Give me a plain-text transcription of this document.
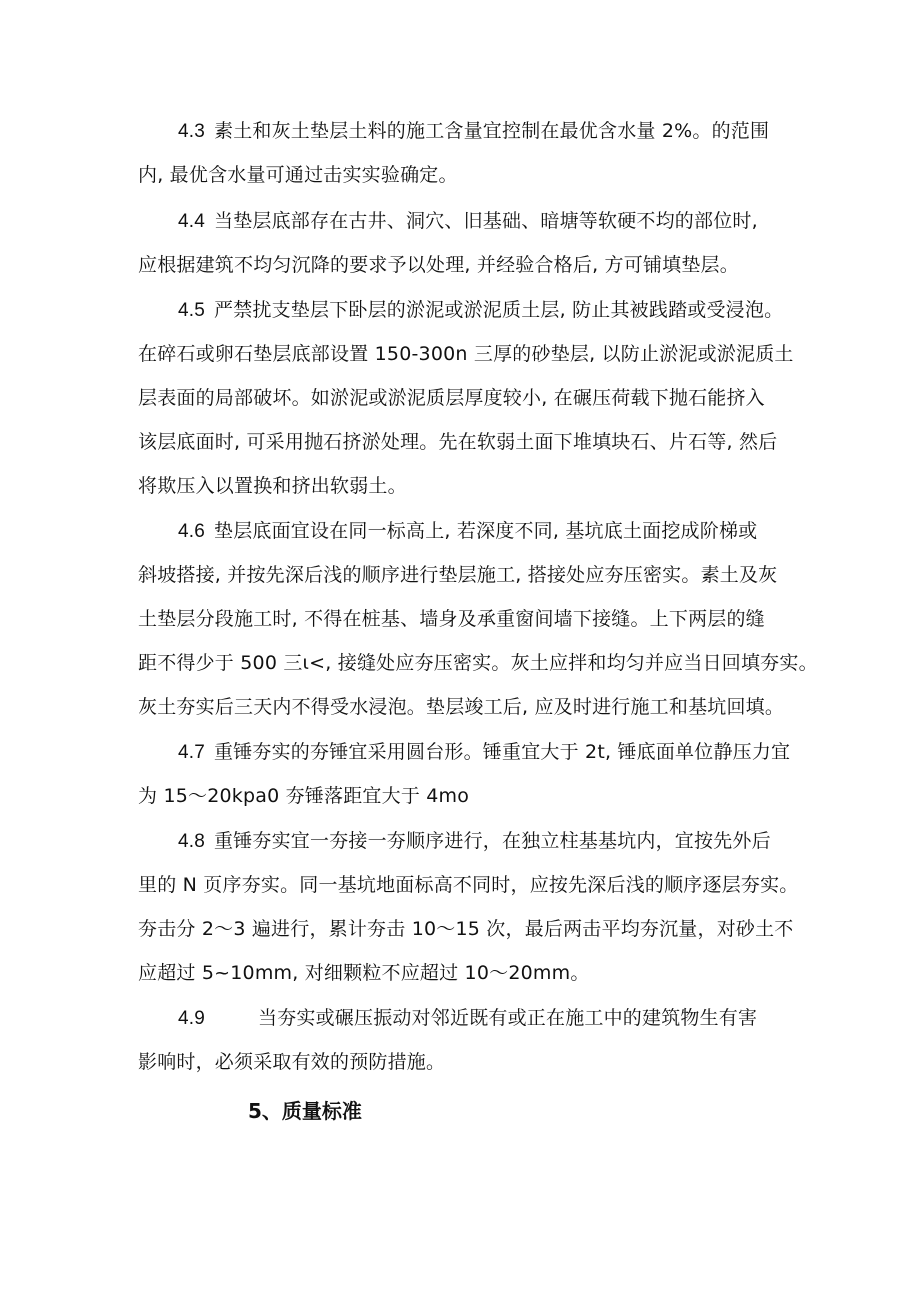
4.3 素土和灰土垫层土料的施工含量宜控制在最优含水量 2%。的范围
内, 最优含水量可通过击实实验确定。
4.4 当垫层底部存在古井、洞穴、旧基础、暗塘等软硬不均的部位时,
应根据建筑不均匀沉降的要求予以处理, 并经验合格后, 方可铺填垫层。
4.5 严禁扰支垫层下卧层的淤泥或淤泥质土层, 防止其被践踏或受浸泡。
在碎石或卵石垫层底部设置 150-300n 三厚的砂垫层, 以防止淤泥或淤泥质土
层表面的局部破坏。如淤泥或淤泥质层厚度较小, 在碾压荷载下抛石能挤入
该层底面时, 可采用抛石挤淤处理。先在软弱土面下堆填块石、片石等, 然后
将欺压入以置换和挤出软弱土。
4.6 垫层底面宜设在同一标高上, 若深度不同, 基坑底土面挖成阶梯或
斜坡搭接, 并按先深后浅的顺序进行垫层施工, 搭接处应夯压密实。素土及灰
土垫层分段施工时, 不得在桩基、墙身及承重窗间墙下接缝。上下两层的缝
距不得少于 500 三ι<, 接缝处应夯压密实。灰土应拌和均匀并应当日回填夯实。
灰土夯实后三天内不得受水浸泡。垫层竣工后, 应及时进行施工和基坑回填。
4.7 重锤夯实的夯锤宜采用圆台形。锤重宜大于 2t, 锤底面单位静压力宜
为 15～20kpa0 夯锤落距宜大于 4mo
4.8 重锤夯实宜一夯接一夯顺序进行，在独立柱基基坑内，宜按先外后
里的 N 页序夯实。同一基坑地面标高不同时，应按先深后浅的顺序逐层夯实。
夯击分 2～3 遍进行，累计夯击 10～15 次，最后两击平均夯沉量，对砂土不
应超过 5~10mm, 对细颗粒不应超过 10～20mm。
4.9	当夯实或碾压振动对邻近既有或正在施工中的建筑物生有害
影响时，必须采取有效的预防措施。
5、质量标准
